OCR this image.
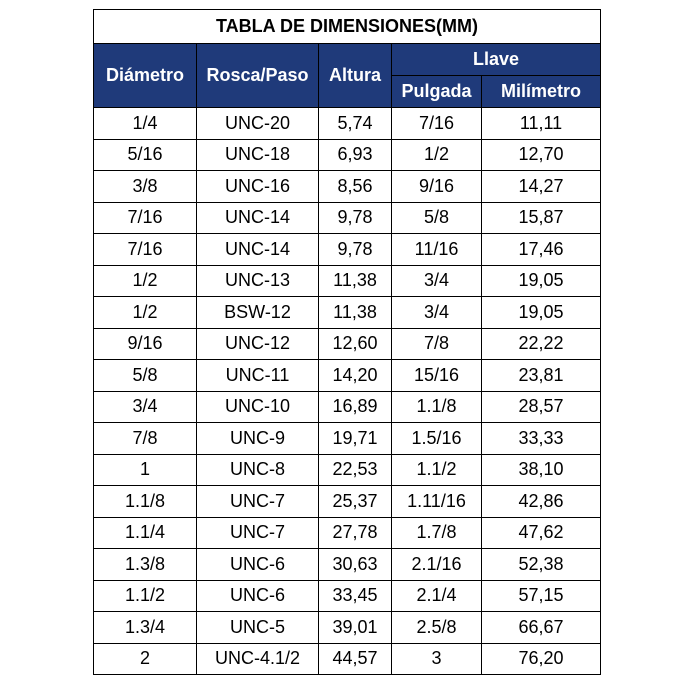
TABLA DE DIMENSIONES(MM)				
Diámetro	Rosca/Paso	Altura	Llave	
			Pulgada	Milímetro
1/4	UNC-20	5,74	7/16	11,11
5/16	UNC-18	6,93	1/2	12,70
3/8	UNC-16	8,56	9/16	14,27
7/16	UNC-14	9,78	5/8	15,87
7/16	UNC-14	9,78	11/16	17,46
1/2	UNC-13	11,38	3/4	19,05
1/2	BSW-12	11,38	3/4	19,05
9/16	UNC-12	12,60	7/8	22,22
5/8	UNC-11	14,20	15/16	23,81
3/4	UNC-10	16,89	1.1/8	28,57
7/8	UNC-9	19,71	1.5/16	33,33
1	UNC-8	22,53	1.1/2	38,10
1.1/8	UNC-7	25,37	1.11/16	42,86
1.1/4	UNC-7	27,78	1.7/8	47,62
1.3/8	UNC-6	30,63	2.1/16	52,38
1.1/2	UNC-6	33,45	2.1/4	57,15
1.3/4	UNC-5	39,01	2.5/8	66,67
2	UNC-4.1/2	44,57	3	76,20
